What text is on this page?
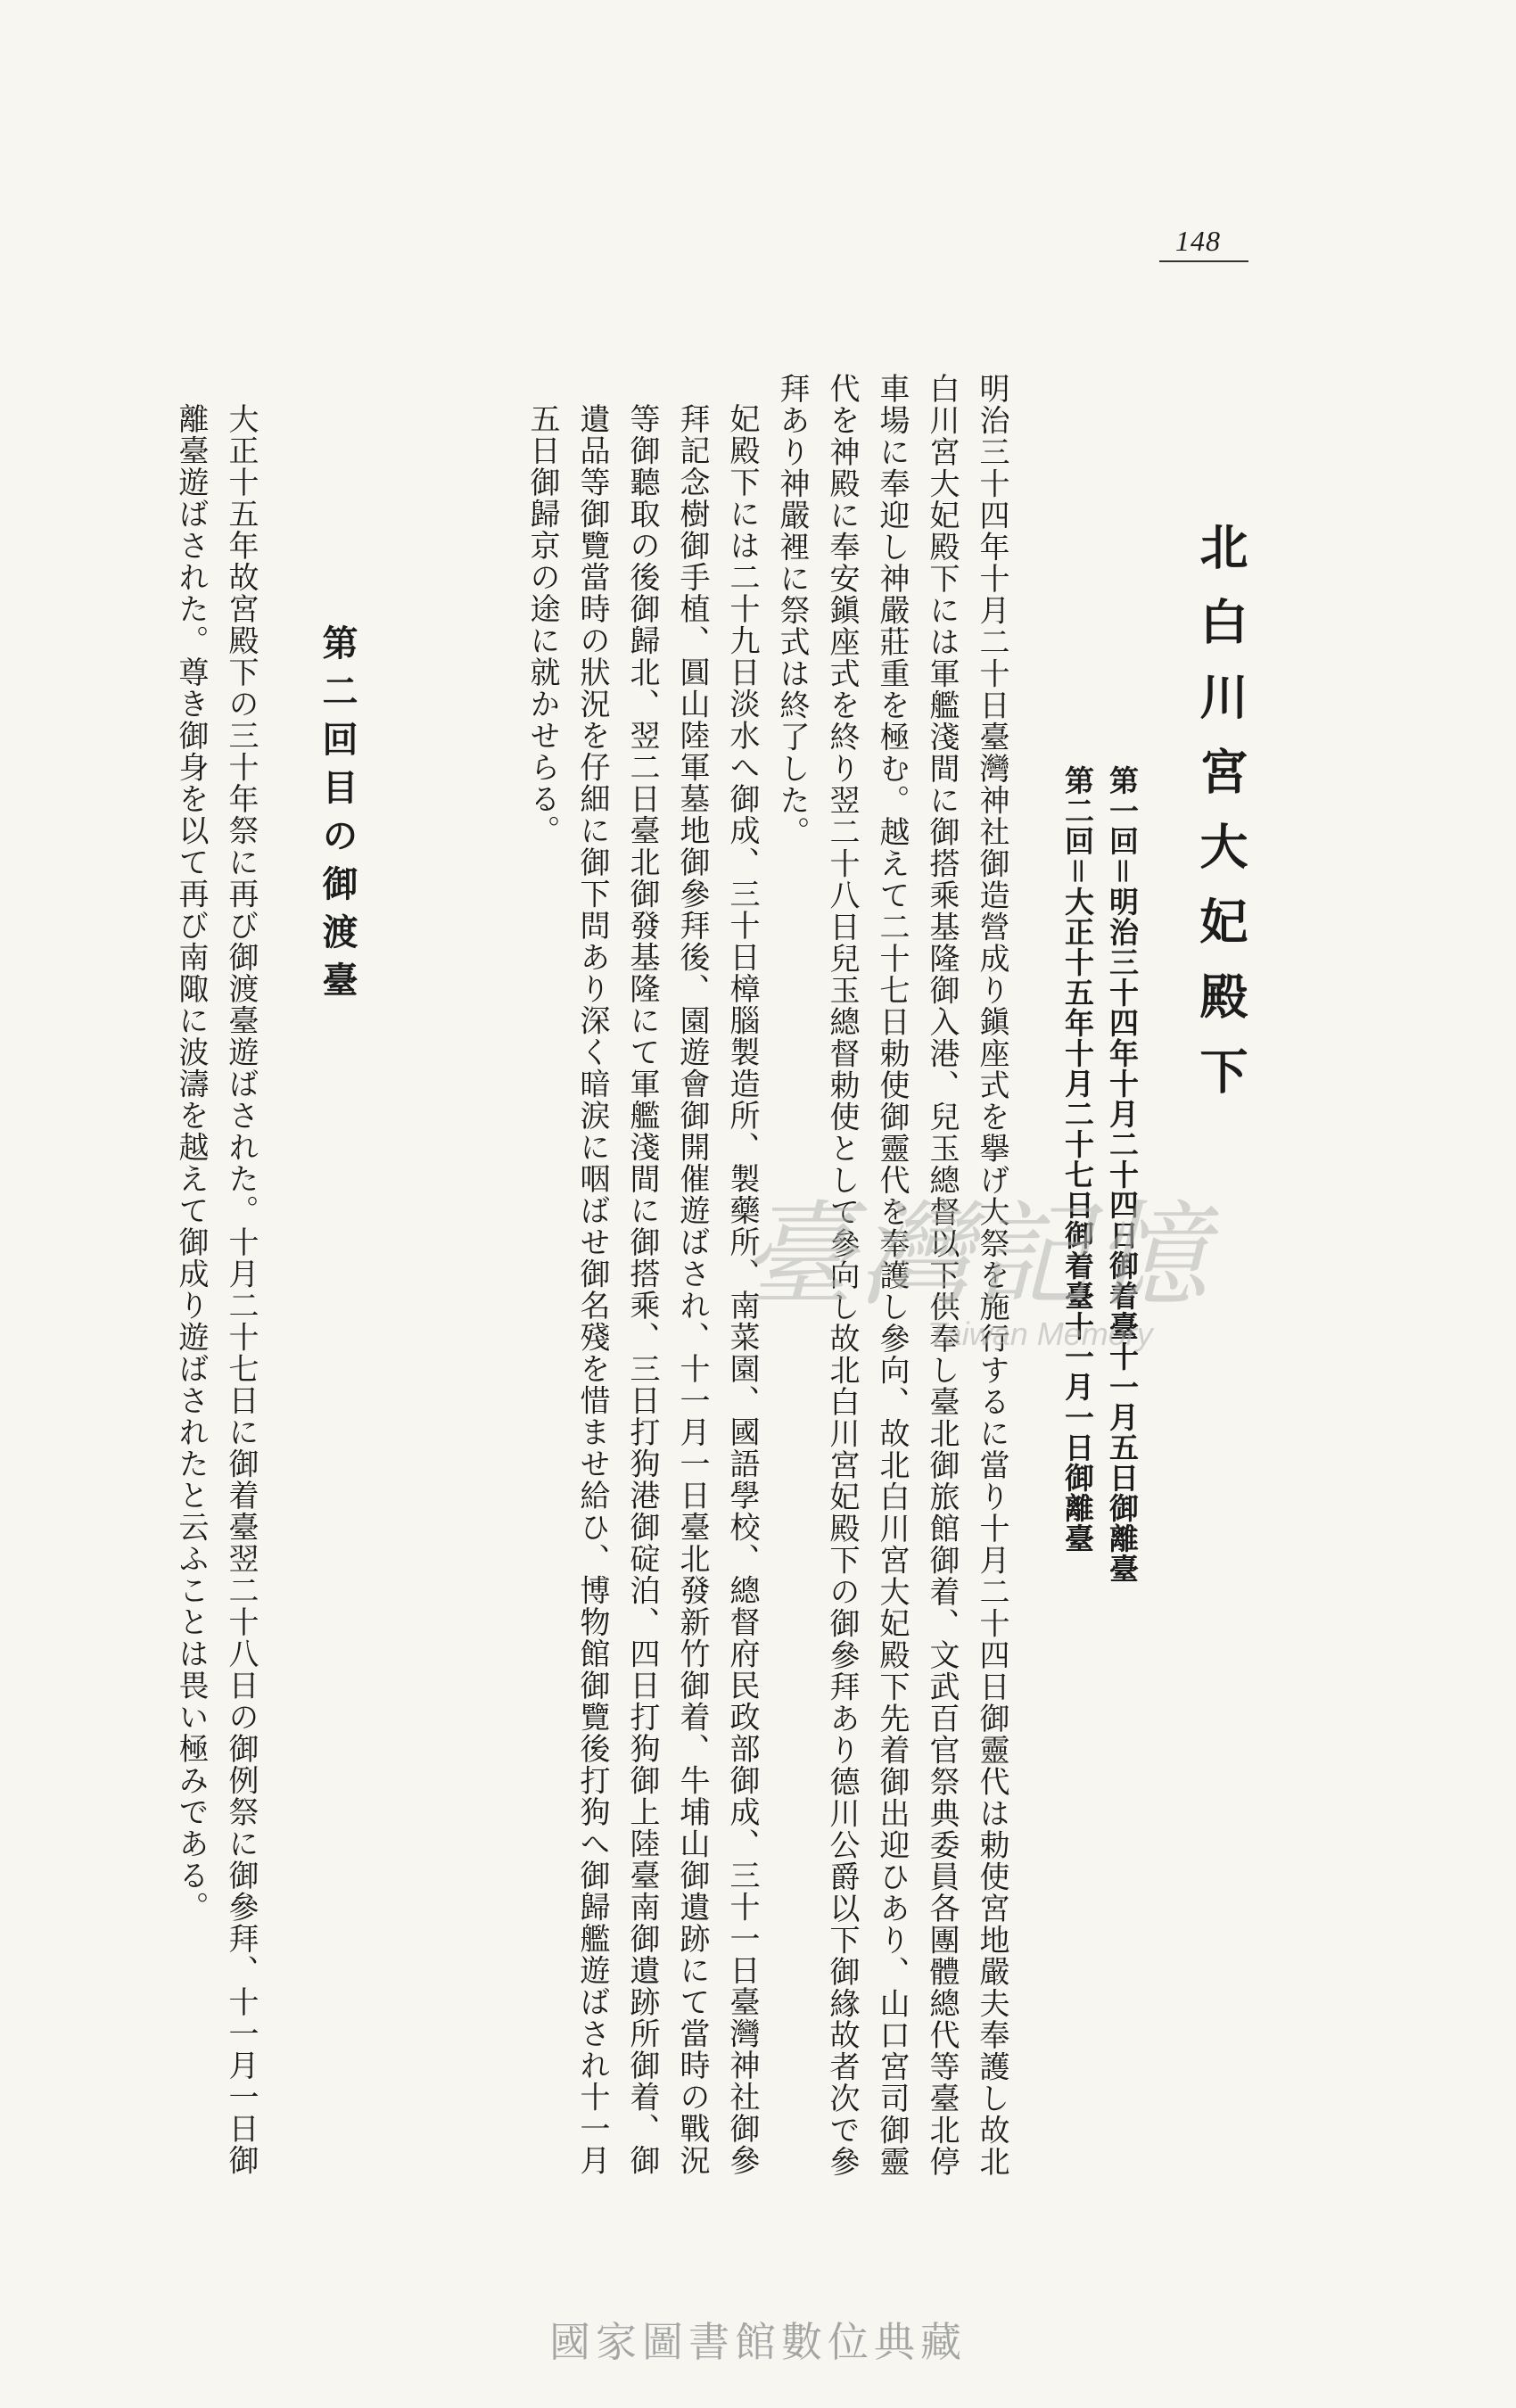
148
北白川宮大妃殿下
第一回＝明治三十四年十月二十四日御着臺十一月五日御離臺
第二回＝大正十五年十月二十七日御着臺十一月一日御離臺

明治三十四年十月二十日臺灣神社御造營成り鎭座式を擧げ大祭を施行するに當り十月二十四日御靈代は勅使宮地嚴夫奉護し故北白川宮大妃殿下には軍艦淺間に御搭乘基隆御入港、兒玉總督以下供奉し臺北御旅館御着、文武百官祭典委員各團體總代等臺北停車場に奉迎し神嚴莊重を極む。越えて二十七日勅使御靈代を奉護し參向、故北白川宮大妃殿下先着御出迎ひあり、山口宮司御靈代を神殿に奉安鎭座式を終り翌二十八日兒玉總督勅使として參向し故北白川宮妃殿下の御參拜あり德川公爵以下御緣故者次で參拜あり神嚴裡に祭式は終了した。

妃殿下には二十九日淡水へ御成、三十日樟腦製造所、製藥所、南菜園、國語學校、總督府民政部御成、三十一日臺灣神社御參拜記念樹御手植、圓山陸軍墓地御參拜後、園遊會御開催遊ばされ、十一月一日臺北發新竹御着、牛埔山御遺跡にて當時の戰況等御聽取の後御歸北、翌二日臺北御發基隆にて軍艦淺間に御搭乘、三日打狗港御碇泊、四日打狗御上陸臺南御遺跡所御着、御遺品等御覽當時の狀況を仔細に御下問あり深く暗涙に咽ばせ御名殘を惜ませ給ひ、博物館御覽後打狗へ御歸艦遊ばされ十一月五日御歸京の途に就かせらる。

第二回目の御渡臺

大正十五年故宮殿下の三十年祭に再び御渡臺遊ばされた。十月二十七日に御着臺翌二十八日の御例祭に御參拜、十一月一日御離臺遊ばされた。尊き御身を以て再び南陬に波濤を越えて御成り遊ばされたと云ふことは畏い極みである。	臺灣記憶
Taiwan Memory
國家圖書館數位典藏
